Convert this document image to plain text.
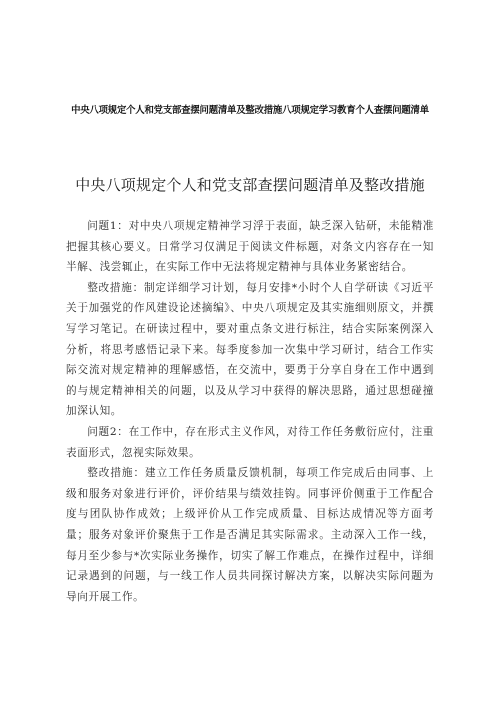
中央八项规定个人和党支部查摆问题清单及整改措施八项规定学习教育个人查摆问题清单
中央八项规定个人和党支部查摆问题清单及整改措施

问题1：对中央八项规定精神学习浮于表面，缺乏深入钻研，未能精准把握其核心要义。日常学习仅满足于阅读文件标题，对条文内容存在一知半解、浅尝辄止，在实际工作中无法将规定精神与具体业务紧密结合。

整改措施：制定详细学习计划，每月安排*小时个人自学研读《习近平关于加强党的作风建设论述摘编》、中央八项规定及其实施细则原文，并撰写学习笔记。在研读过程中，要对重点条文进行标注，结合实际案例深入分析，将思考感悟记录下来。每季度参加一次集中学习研讨，结合工作实际交流对规定精神的理解感悟，在交流中，要勇于分享自身在工作中遇到的与规定精神相关的问题，以及从学习中获得的解决思路，通过思想碰撞加深认知。

问题2：在工作中，存在形式主义作风，对待工作任务敷衍应付，注重表面形式，忽视实际效果。

整改措施：建立工作任务质量反馈机制，每项工作完成后由同事、上级和服务对象进行评价，评价结果与绩效挂钩。同事评价侧重于工作配合度与团队协作成效；上级评价从工作完成质量、目标达成情况等方面考量；服务对象评价聚焦于工作是否满足其实际需求。主动深入工作一线，每月至少参与*次实际业务操作，切实了解工作难点，在操作过程中，详细记录遇到的问题，与一线工作人员共同探讨解决方案，以解决实际问题为导向开展工作。
